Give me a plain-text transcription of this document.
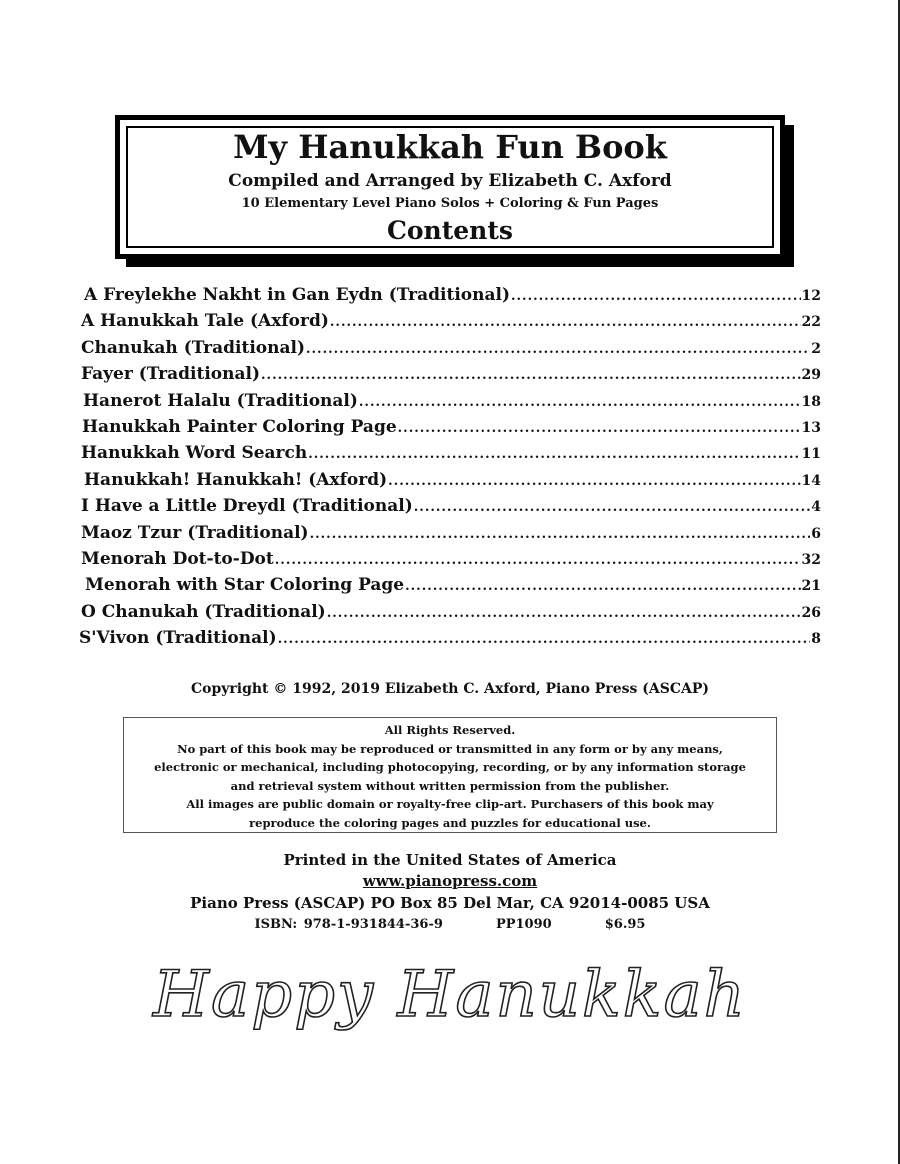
My Hanukkah Fun Book
Compiled and Arranged by Elizabeth C. Axford
10 Elementary Level Piano Solos + Coloring & Fun Pages
Contents
A Freylekhe Nakht in Gan Eydn (Traditional) .....	12
A Hanukkah Tale (Axford) .....	22
Chanukah (Traditional) .....	2
Fayer (Traditional) .....	29
Hanerot Halalu (Traditional) .....	18
Hanukkah Painter Coloring Page .....	13
Hanukkah Word Search .....	11
Hanukkah! Hanukkah! (Axford) .....	14
I Have a Little Dreydl (Traditional) .....	4
Maoz Tzur (Traditional) .....	6
Menorah Dot-to-Dot .....	32
Menorah with Star Coloring Page .....	21
O Chanukah (Traditional) .....	26
S'Vivon (Traditional) .....	8
Copyright © 1992, 2019 Elizabeth C. Axford, Piano Press (ASCAP)
All Rights Reserved.
No part of this book may be reproduced or transmitted in any form or by any means,
electronic or mechanical, including photocopying, recording, or by any information storage
and retrieval system without written permission from the publisher.
All images are public domain or royalty-free clip-art. Purchasers of this book may
reproduce the coloring pages and puzzles for educational use.
Printed in the United States of America
www.pianopress.com
Piano Press (ASCAP) PO Box 85 Del Mar, CA 92014-0085 USA
ISBN: 978-1-931844-36-9	PP1090	$6.95
Happy Hanukkah
